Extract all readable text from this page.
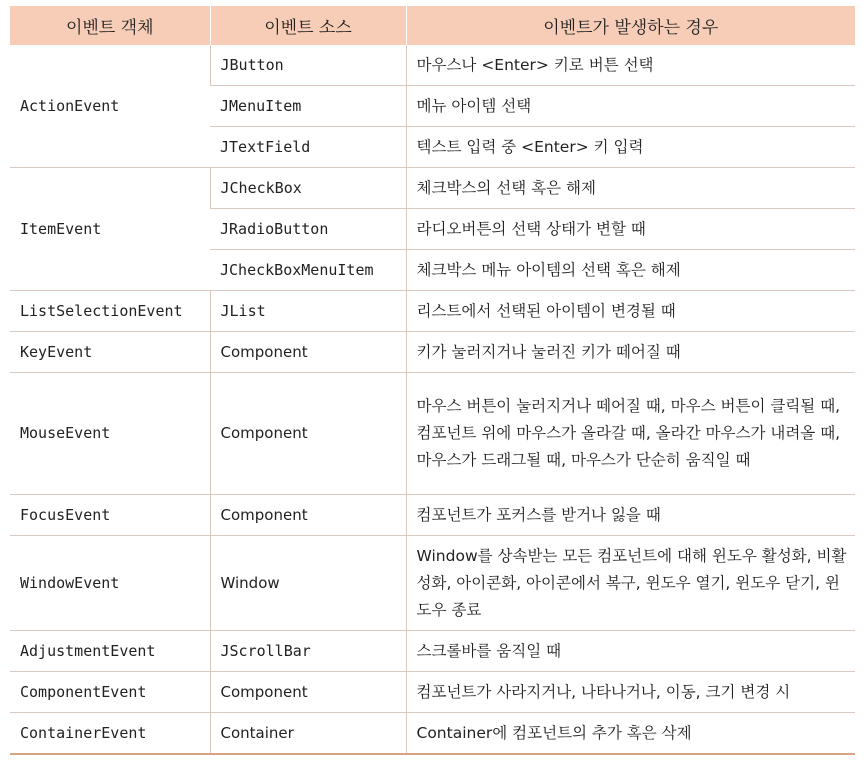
이벤트 객체	이벤트 소스	이벤트가 발생하는 경우
ActionEvent	JButton	마우스나 <Enter> 키로 버튼 선택
	JMenuItem	메뉴 아이템 선택
	JTextField	텍스트 입력 중 <Enter> 키 입력
ItemEvent	JCheckBox	체크박스의 선택 혹은 해제
	JRadioButton	라디오버튼의 선택 상태가 변할 때
	JCheckBoxMenuItem	체크박스 메뉴 아이템의 선택 혹은 해제
ListSelectionEvent	JList	리스트에서 선택된 아이템이 변경될 때
KeyEvent	Component	키가 눌러지거나 눌러진 키가 떼어질 때
MouseEvent	Component	마우스 버튼이 눌러지거나 떼어질 때, 마우스 버튼이 클릭될 때, 컴포넌트 위에 마우스가 올라갈 때, 올라간 마우스가 내려올 때, 마우스가 드래그될 때, 마우스가 단순히 움직일 때
FocusEvent	Component	컴포넌트가 포커스를 받거나 잃을 때
WindowEvent	Window	Window를 상속받는 모든 컴포넌트에 대해 윈도우 활성화, 비활성화, 아이콘화, 아이콘에서 복구, 윈도우 열기, 윈도우 닫기, 윈도우 종료
AdjustmentEvent	JScrollBar	스크롤바를 움직일 때
ComponentEvent	Component	컴포넌트가 사라지거나, 나타나거나, 이동, 크기 변경 시
ContainerEvent	Container	Container에 컴포넌트의 추가 혹은 삭제
